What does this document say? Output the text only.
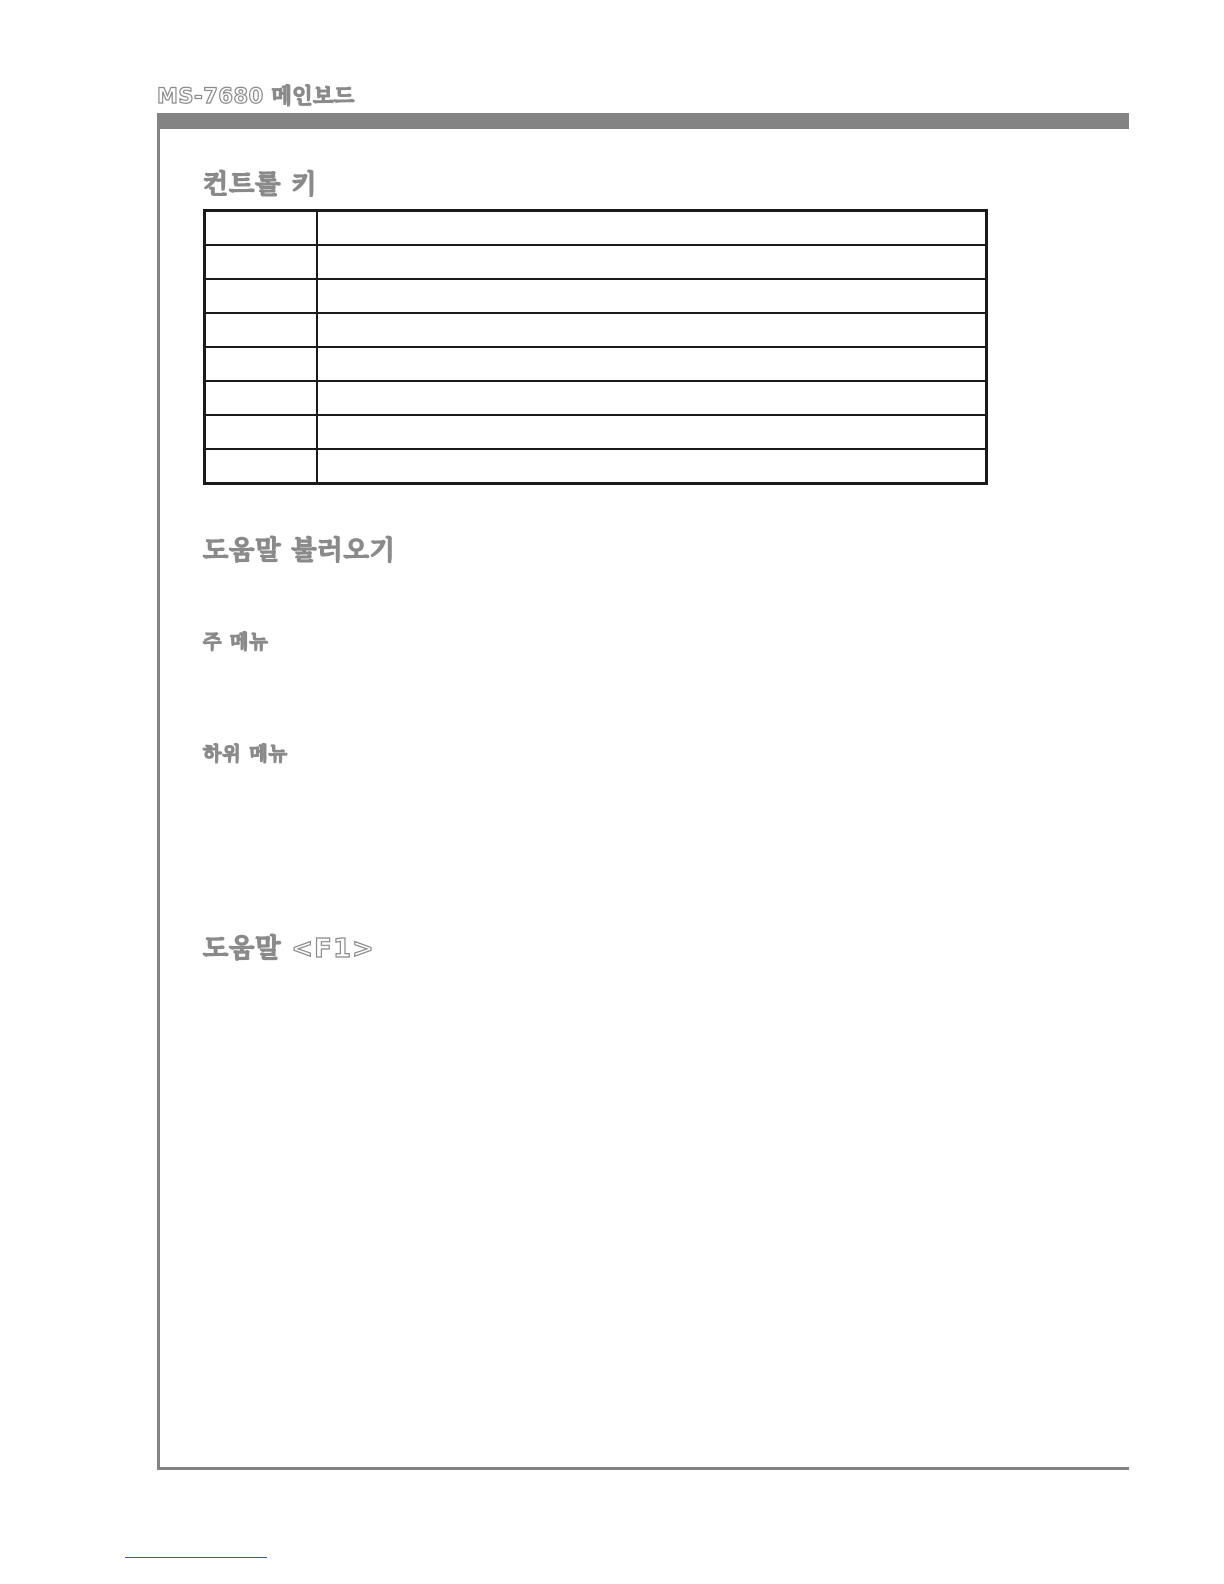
MS-7680 메인보드
컨트롤 키

도움말 불러오기
주 메뉴
하위 메뉴
도움말 <F1>
